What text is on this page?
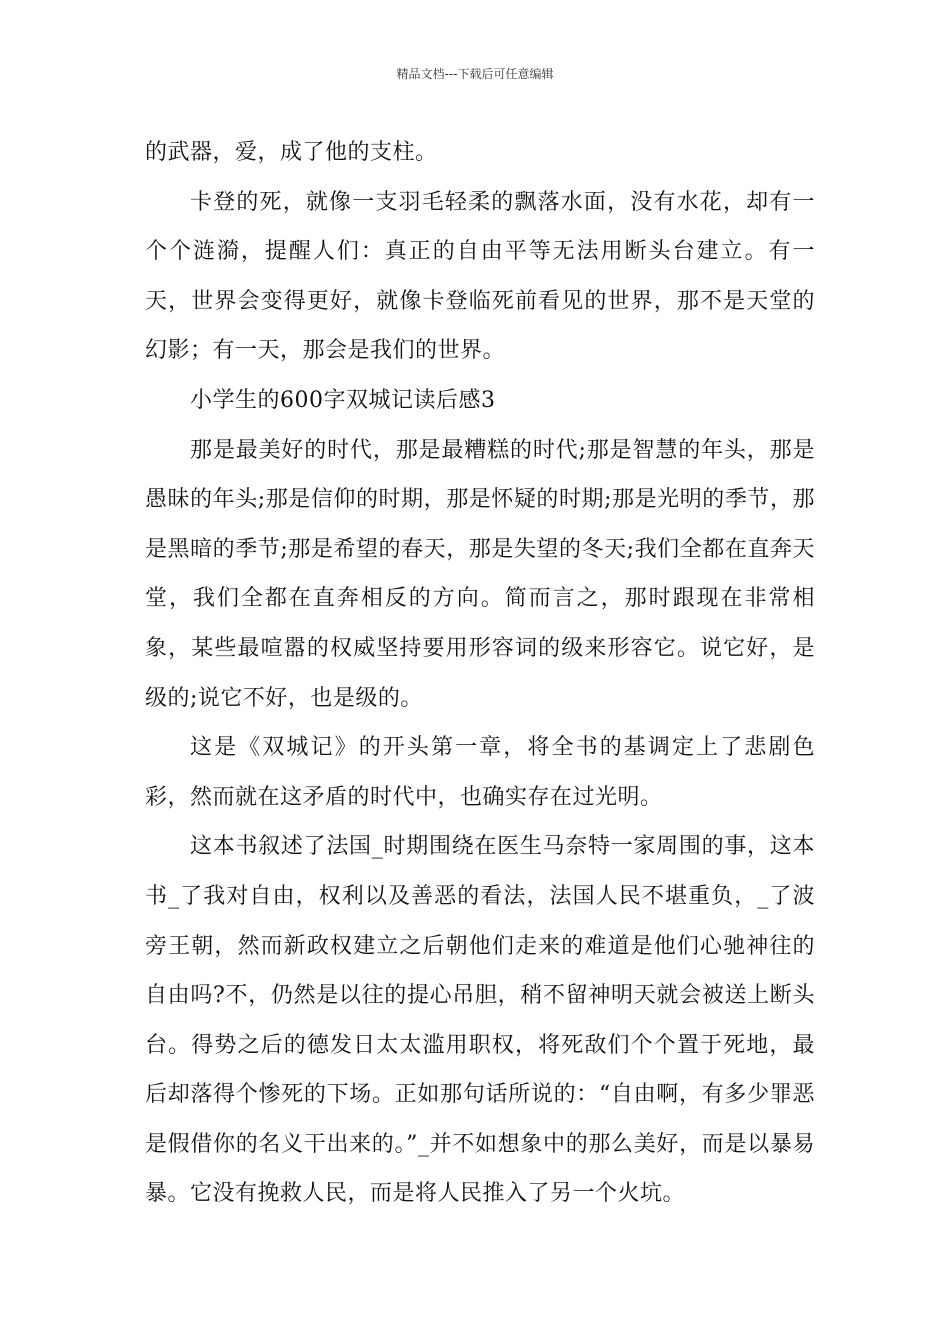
精品文档---下载后可任意编辑

的武器，爱，成了他的支柱。

卡登的死，就像一支羽毛轻柔的飘落水面，没有水花，却有一个个涟漪，提醒人们：真正的自由平等无法用断头台建立。有一天，世界会变得更好，就像卡登临死前看见的世界，那不是天堂的幻影；有一天，那会是我们的世界。

小学生的600字双城记读后感3

那是最美好的时代，那是最糟糕的时代;那是智慧的年头，那是愚昧的年头;那是信仰的时期，那是怀疑的时期;那是光明的季节，那是黑暗的季节;那是希望的春天，那是失望的冬天;我们全都在直奔天堂，我们全都在直奔相反的方向。简而言之，那时跟现在非常相象，某些最喧嚣的权威坚持要用形容词的级来形容它。说它好，是级的;说它不好，也是级的。

这是《双城记》的开头第一章，将全书的基调定上了悲剧色彩，然而就在这矛盾的时代中，也确实存在过光明。

这本书叙述了法国_时期围绕在医生马奈特一家周围的事，这本书_了我对自由，权利以及善恶的看法，法国人民不堪重负，_了波旁王朝，然而新政权建立之后朝他们走来的难道是他们心驰神往的自由吗?不，仍然是以往的提心吊胆，稍不留神明天就会被送上断头台。得势之后的德发日太太滥用职权，将死敌们个个置于死地，最后却落得个惨死的下场。正如那句话所说的：“自由啊，有多少罪恶是假借你的名义干出来的。”_并不如想象中的那么美好，而是以暴易暴。它没有挽救人民，而是将人民推入了另一个火坑。
